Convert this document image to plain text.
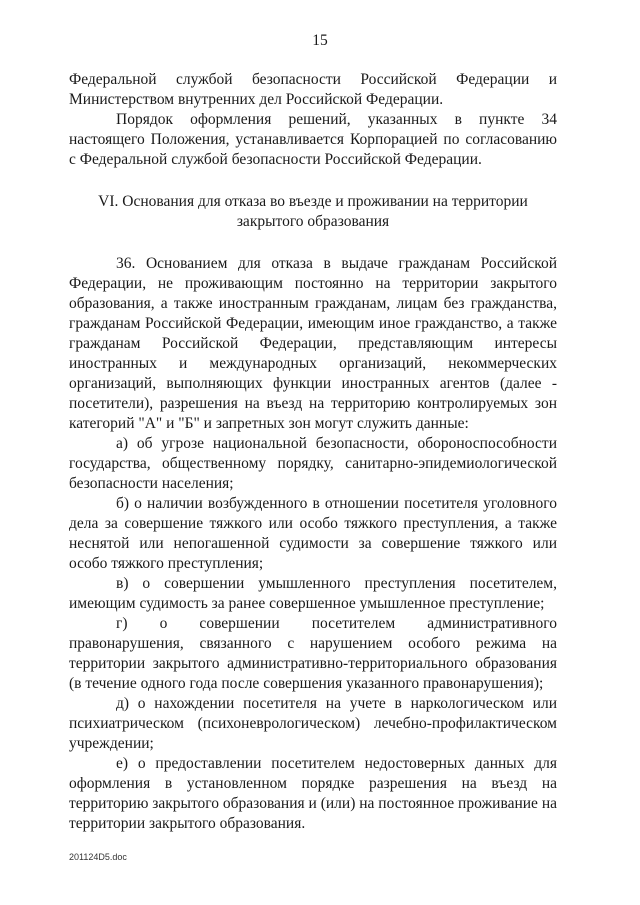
15

Федеральной службой безопасности Российской Федерации и Министерством внутренних дел Российской Федерации.

Порядок оформления решений, указанных в пункте 34 настоящего Положения, устанавливается Корпорацией по согласованию с Федеральной службой безопасности Российской Федерации.

VI. Основания для отказа во въезде и проживании на территории закрытого образования

36. Основанием для отказа в выдаче гражданам Российской Федерации, не проживающим постоянно на территории закрытого образования, а также иностранным гражданам, лицам без гражданства, гражданам Российской Федерации, имеющим иное гражданство, а также гражданам Российской Федерации, представляющим интересы иностранных и международных организаций, некоммерческих организаций, выполняющих функции иностранных агентов (далее - посетители), разрешения на въезд на территорию контролируемых зон категорий "А" и "Б" и запретных зон могут служить данные:

а) об угрозе национальной безопасности, обороноспособности государства, общественному порядку, санитарно-эпидемиологической безопасности населения;

б) о наличии возбужденного в отношении посетителя уголовного дела за совершение тяжкого или особо тяжкого преступления, а также неснятой или непогашенной судимости за совершение тяжкого или особо тяжкого преступления;

в) о совершении умышленного преступления посетителем, имеющим судимость за ранее совершенное умышленное преступление;

г) о совершении посетителем административного правонарушения, связанного с нарушением особого режима на территории закрытого административно-территориального образования (в течение одного года после совершения указанного правонарушения);

д) о нахождении посетителя на учете в наркологическом или психиатрическом (психоневрологическом) лечебно-профилактическом учреждении;

е) о предоставлении посетителем недостоверных данных для оформления в установленном порядке разрешения на въезд на территорию закрытого образования и (или) на постоянное проживание на территории закрытого образования.

201124D5.doc
